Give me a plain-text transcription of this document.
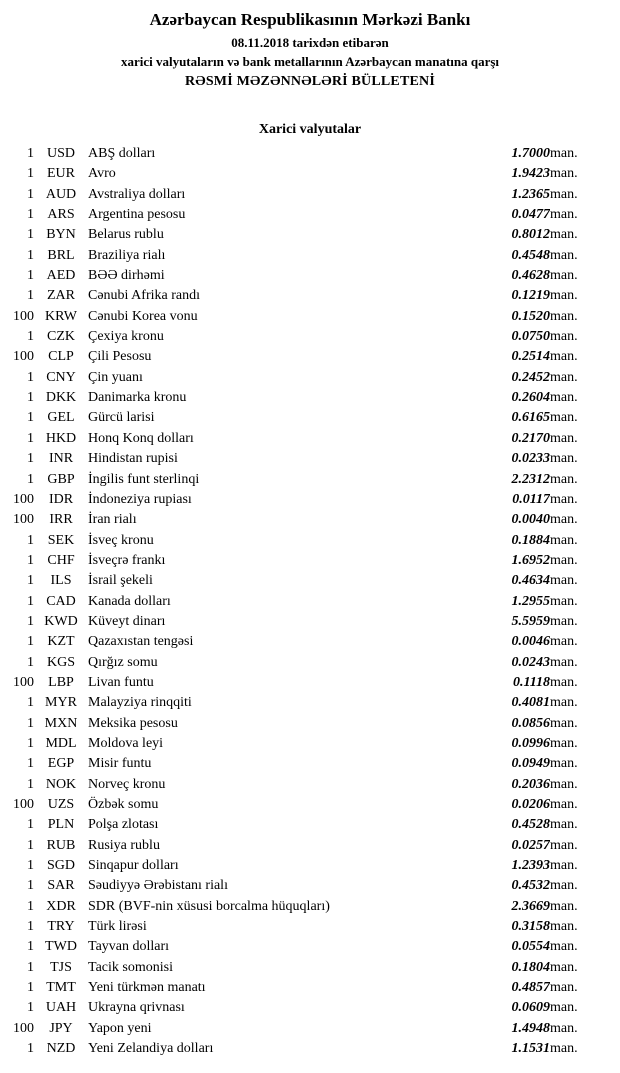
Azərbaycan Respublikasının Mərkəzi Bankı
08.11.2018 tarixdən etibarən
xarici valyutaların və bank metallarının Azərbaycan manatına qarşı
RƏSMİ MƏZƏNNƏLƏRİ BÜLLETENİ
Xarici valyutalar
1	USD	ABŞ dolları	1.7000	man.
1	EUR	Avro	1.9423	man.
1	AUD	Avstraliya dolları	1.2365	man.
1	ARS	Argentina pesosu	0.0477	man.
1	BYN	Belarus rublu	0.8012	man.
1	BRL	Braziliya rialı	0.4548	man.
1	AED	BƏƏ dirhəmi	0.4628	man.
1	ZAR	Cənubi Afrika randı	0.1219	man.
100	KRW	Cənubi Korea vonu	0.1520	man.
1	CZK	Çexiya kronu	0.0750	man.
100	CLP	Çili Pesosu	0.2514	man.
1	CNY	Çin yuanı	0.2452	man.
1	DKK	Danimarka kronu	0.2604	man.
1	GEL	Gürcü larisi	0.6165	man.
1	HKD	Honq Konq dolları	0.2170	man.
1	INR	Hindistan rupisi	0.0233	man.
1	GBP	İngilis funt sterlinqi	2.2312	man.
100	IDR	İndoneziya rupiası	0.0117	man.
100	IRR	İran rialı	0.0040	man.
1	SEK	İsveç kronu	0.1884	man.
1	CHF	İsveçrə frankı	1.6952	man.
1	ILS	İsrail şekeli	0.4634	man.
1	CAD	Kanada dolları	1.2955	man.
1	KWD	Küveyt dinarı	5.5959	man.
1	KZT	Qazaxıstan tengəsi	0.0046	man.
1	KGS	Qırğız somu	0.0243	man.
100	LBP	Livan funtu	0.1118	man.
1	MYR	Malayziya rinqqiti	0.4081	man.
1	MXN	Meksika pesosu	0.0856	man.
1	MDL	Moldova leyi	0.0996	man.
1	EGP	Misir funtu	0.0949	man.
1	NOK	Norveç kronu	0.2036	man.
100	UZS	Özbək somu	0.0206	man.
1	PLN	Polşa zlotası	0.4528	man.
1	RUB	Rusiya rublu	0.0257	man.
1	SGD	Sinqapur dolları	1.2393	man.
1	SAR	Səudiyyə Ərəbistanı rialı	0.4532	man.
1	XDR	SDR (BVF-nin xüsusi borcalma hüquqları)	2.3669	man.
1	TRY	Türk lirəsi	0.3158	man.
1	TWD	Tayvan dolları	0.0554	man.
1	TJS	Tacik somonisi	0.1804	man.
1	TMT	Yeni türkmən manatı	0.4857	man.
1	UAH	Ukrayna qrivnası	0.0609	man.
100	JPY	Yapon yeni	1.4948	man.
1	NZD	Yeni Zelandiya dolları	1.1531	man.
